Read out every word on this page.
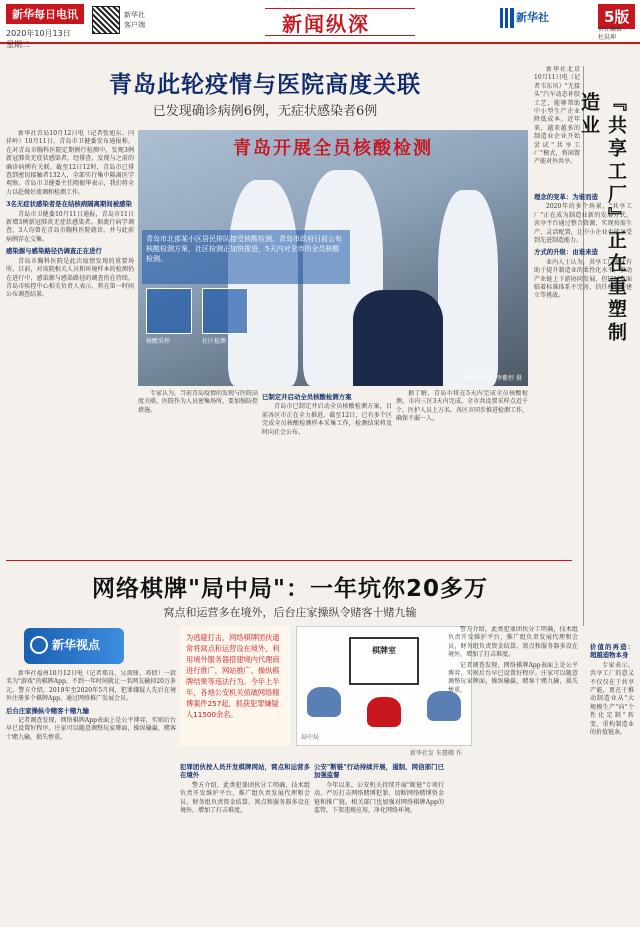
新华每日电讯
2020年10月13日
星期二
新华社
客户端	新闻纵深	新华社	5版
责任编辑
杜晨坤
青岛此轮疫情与医院高度关联
已发现确诊病例6例，无症状感染者6例

新华社青岛10月12日电（记者张旭东、闫祥岭）10月11日，青岛市卫健委发布通报称，在对青岛市胸科医院定期例行检测中，发现3例新冠肺炎无症状感染者。经排查，发现与之前的确诊病例有关联。截至12日12时，青岛市已排查到密切接触者132人，全部实行集中隔离医学观察。青岛市卫健委主任隋振华表示，我们将全力以赴做好流调和检测工作。

3名无症状感染者是在结核病隔离期间被感染

青岛市卫健委10月11日通报，青岛市11日新增3例新冠肺炎无症状感染者。据流行病学调查，3人均曾在青岛市胸科医院就诊，并与此前病例存在交集。

感染源与感染路径仍调查正在进行

青岛市胸科医院是此次疫情发现的重要场所。目前，对该院相关人员和环境样本的检测仍在进行中，感染源与感染路径的调查仍在持续，青岛市疾控中心相关负责人表示，将在第一时间公布调查结果。

青岛开展全员核酸检测
青岛市北部某小区居民排队接受核酸检测。青岛市政府日前公布核酸检测方案，社区检测正加快推进，5天内对全市的全员核酸检测。
核酸采样	社区检测
新华社记者 李紫恒 摄

专家认为，当前青岛疫情的发现与医院高度关联，医院作为人员密集场所，要加强防控措施。

已制定并启动全员核酸检测方案

青岛市已制定并启动全员核酸检测方案，目前各区市正在全力推进。截至12日，已有多个区完成全员核酸检测样本采集工作，检测结果将及时向社会公布。

据了解，青岛市将在5天内完成全员核酸检测，市内三区3天内完成。全市共设置采样点近千个，医护人员上万名。各区市同步推进检测工作，确保不漏一人。

新华社北京10月11日电（记者韦东风）"无接头"汽车动态补胶工艺，能够帮助中小型生产企业降低成本。近年来，越来越多的制造业企业开始尝试"共享工厂"模式，将闲置产能对外共享。	『共享工厂』正在重塑制造业
理念的变革：为谁而造

2020年的多个场景，"共享工厂"正在成为制造业新的发展方式。共享平台通过整合资源，实现按需生产、灵活配置，让中小企业也能享受到先进制造能力。

方式的升级：由谁来造

业内人士认为，共享工厂模式有助于提升制造业的柔性化水平，推动产业链上下游协同发展，但同时也面临着标准体系不完善、信任机制待建立等挑战。

价值的再造：超越造物本身

专家表示，共享工厂的意义不仅仅在于共享产能，更在于推动制造业从"大规模生产"向"个性化定制"转变，重构制造业的价值链条。

网络棋牌"局中局"：一年坑你20多万
窝点和运营多在境外，后台庄家操纵令赌客十赌九输
新华视点

新华社福州10月12日电（记者郑良、吴剑锋、邓倩）一款名为"游戏"的棋牌App，不到一年时间就让一名网友输掉20万多元。警方介绍，2019年至2020年5月间，犯罪嫌疑人先后在境外注册多个棋牌App，通过网络推广发展会员。

后台庄家操纵令赌客十赌九输

记者调查发现，网络棋牌App表面上是公平博弈，实则后台早已设置好程序。庄家可以随意调整玩家牌面，操纵输赢，赌客十赌九输，损失惨重。

为逃避打击，网络棋牌团伙通常将窝点和运营设在境外，利用境外服务器搭建境内代理商进行推广，网站推广、操纵棋牌结果等违法行为。今年上半年，各地公安机关侦破网络赌博案件257起，抓获犯罪嫌疑人11500余名。
棋牌室
局中局
新华社发 朱慧卿 作
犯罪团伙按人员开发棋牌网站，窝点和运营多在境外

警方介绍，此类犯罪团伙分工明确，技术组负责开发维护平台，推广组负责发展代理和会员，财务组负责资金结算。窝点和服务器多设在境外，增加了打击难度。

公安"断链"行动持续开展，遏制、网信部门已加强监督

今年以来，公安机关持续开展"断链"专项行动，严厉打击网络赌博犯罪，切断网络赌博资金链和推广链。相关部门也加强对网络棋牌App的监管，下架违规应用，净化网络环境。

警方介绍，此类犯罪团伙分工明确，技术组负责开发维护平台，推广组负责发展代理和会员，财务组负责资金结算。窝点和服务器多设在境外，增加了打击难度。

记者调查发现，网络棋牌App表面上是公平博弈，实则后台早已设置好程序。庄家可以随意调整玩家牌面，操纵输赢，赌客十赌九输，损失惨重。
